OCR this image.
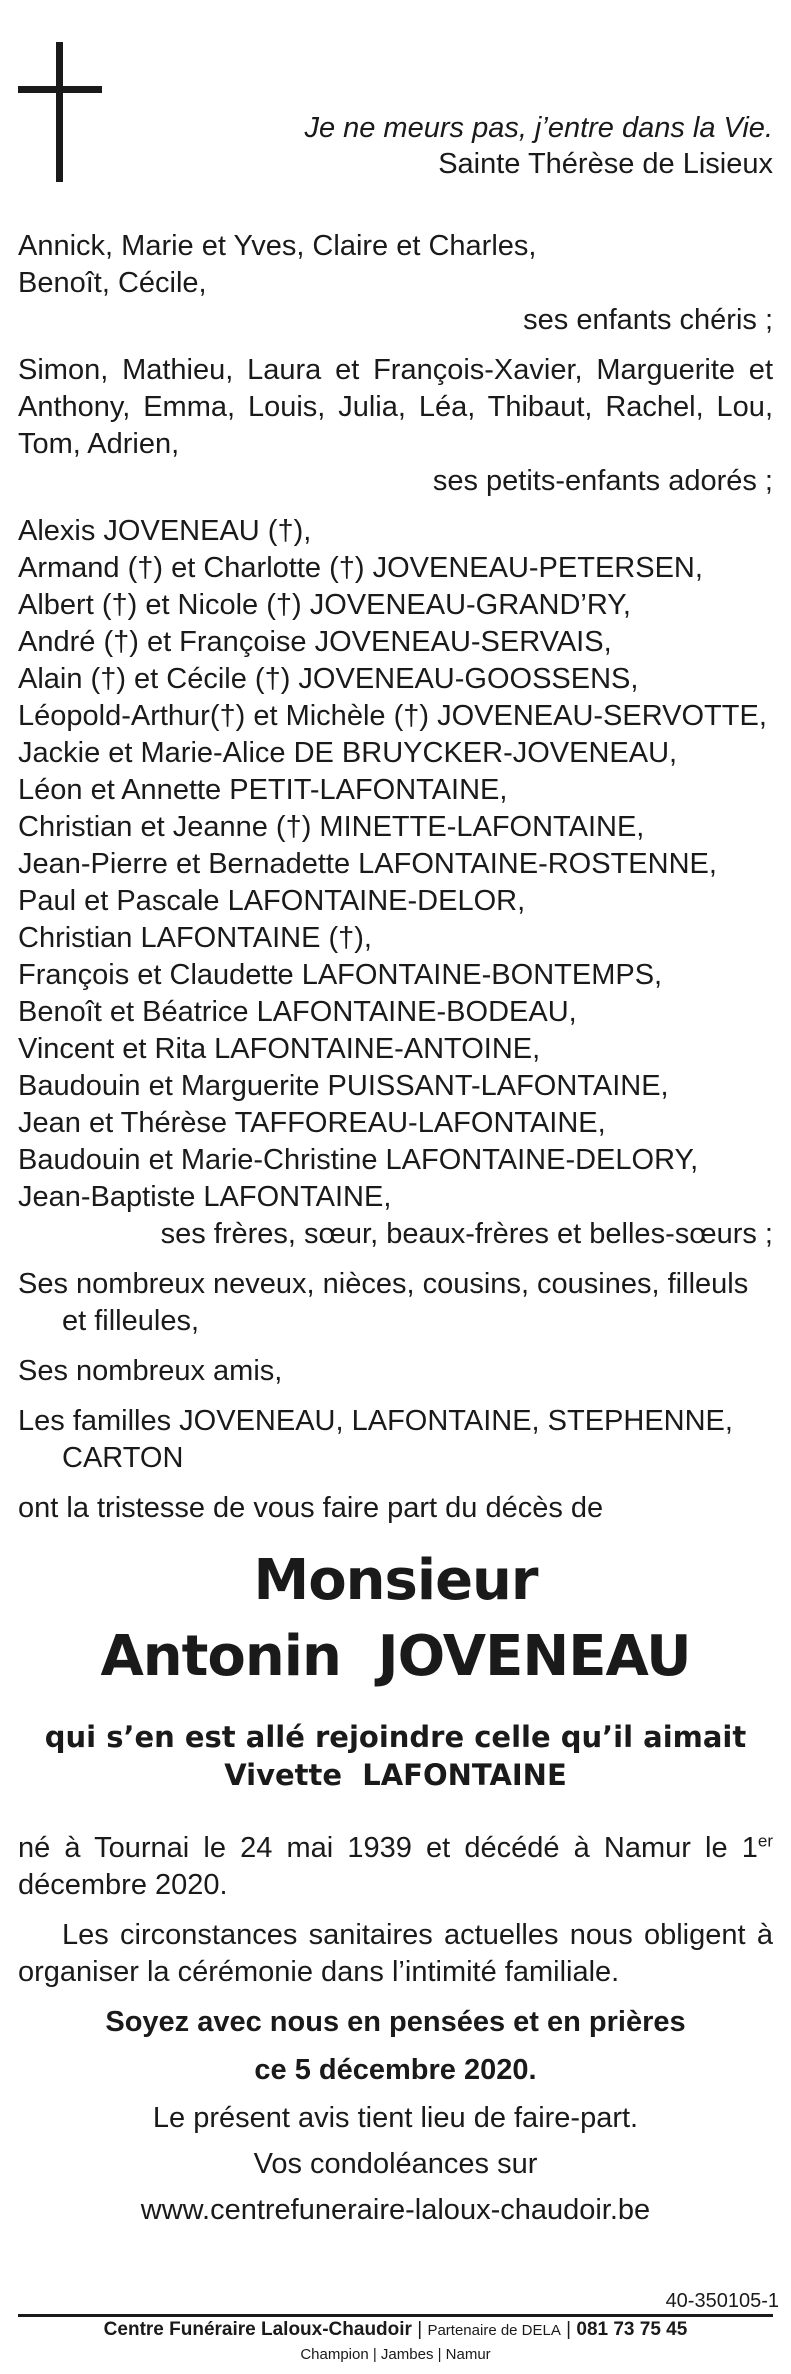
Je ne meurs pas, j’entre dans la Vie.
Sainte Thérèse de Lisieux

Annick, Marie et Yves, Claire et Charles, Benoît, Cécile,

ses enfants chéris ;

Simon, Mathieu, Laura et François-Xavier, Marguerite et Anthony, Emma, Louis, Julia, Léa, Thibaut, Rachel, Lou, Tom, Adrien,

ses petits-enfants adorés ;

Alexis JOVENEAU (†),

Armand (†) et Charlotte (†) JOVENEAU-PETERSEN,

Albert (†) et Nicole (†) JOVENEAU-GRAND’RY,

André (†) et Françoise JOVENEAU-SERVAIS,

Alain (†) et Cécile (†) JOVENEAU-GOOSSENS,

Léopold-Arthur(†) et Michèle (†) JOVENEAU-SERVOTTE,

Jackie et Marie-Alice DE BRUYCKER-JOVENEAU,

Léon et Annette PETIT-LAFONTAINE,

Christian et Jeanne (†) MINETTE-LAFONTAINE,

Jean-Pierre et Bernadette LAFONTAINE-ROSTENNE,

Paul et Pascale LAFONTAINE-DELOR,

Christian LAFONTAINE (†),

François et Claudette LAFONTAINE-BONTEMPS,

Benoît et Béatrice LAFONTAINE-BODEAU,

Vincent et Rita LAFONTAINE-ANTOINE,

Baudouin et Marguerite PUISSANT-LAFONTAINE,

Jean et Thérèse TAFFOREAU-LAFONTAINE,

Baudouin et Marie-Christine LAFONTAINE-DELORY,

Jean-Baptiste LAFONTAINE,

ses frères, sœur, beaux-frères et belles-sœurs ;

Ses nombreux neveux, nièces, cousins, cousines, filleuls et filleules,

Ses nombreux amis,

Les familles JOVENEAU, LAFONTAINE, STEPHENNE, CARTON

ont la tristesse de vous faire part du décès de

Monsieur
Antonin  JOVENEAU
qui s’en est allé rejoindre celle qu’il aimait
Vivette  LAFONTAINE

né à Tournai le 24 mai 1939 et décédé à Namur le 1er décembre 2020.

Les circonstances sanitaires actuelles nous obligent à organiser la cérémonie dans l’intimité familiale.

Soyez avec nous en pensées et en prières

ce 5 décembre 2020.

Le présent avis tient lieu de faire-part.

Vos condoléances sur

www.centrefuneraire-laloux-chaudoir.be

40-350105-1
Centre Funéraire Laloux-Chaudoir | Partenaire de DELA | 081 73 75 45
Champion | Jambes | Namur
